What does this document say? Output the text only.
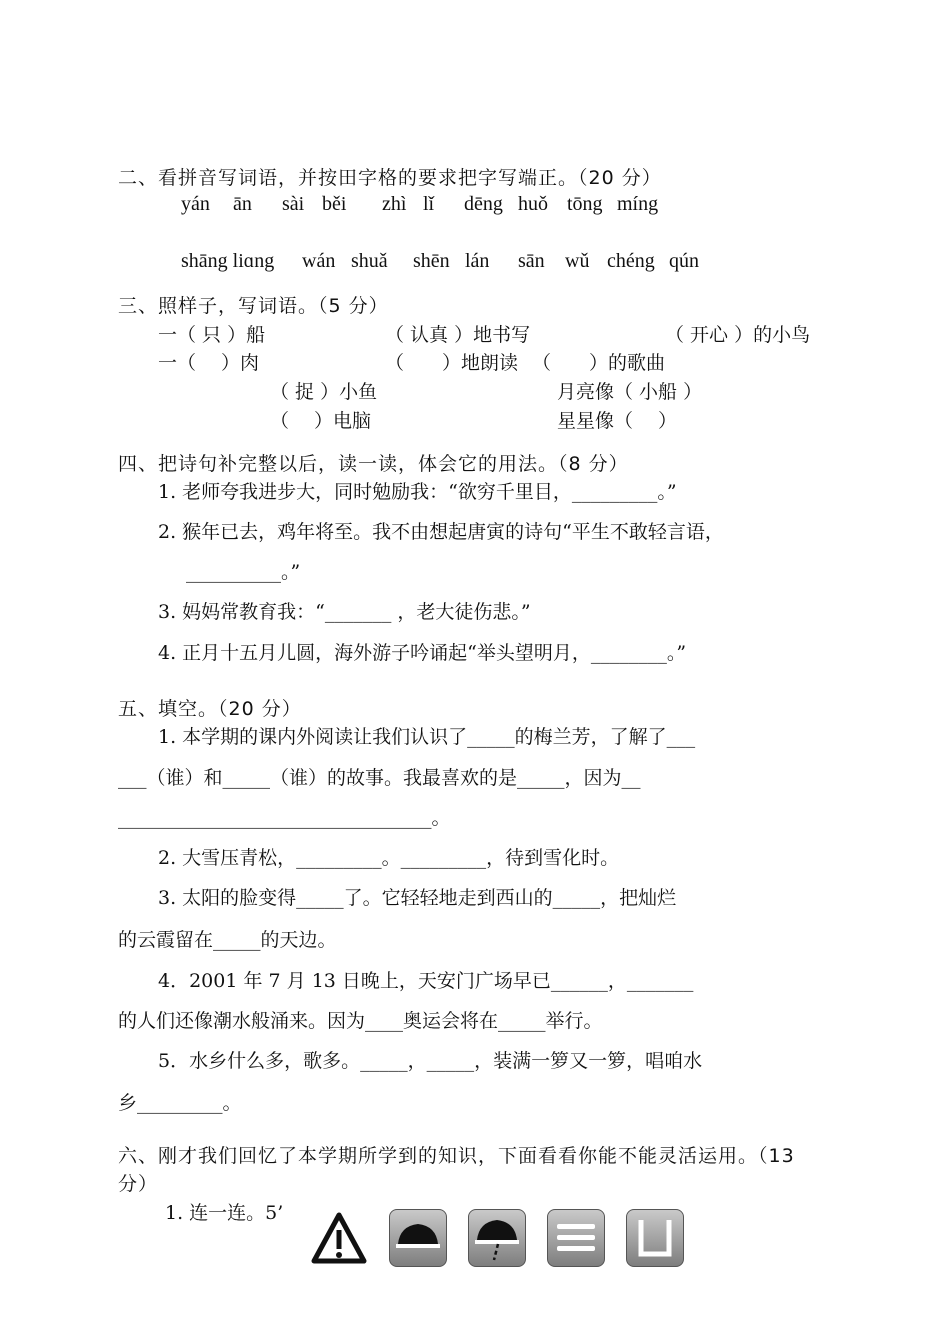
二、看拼音写词语，并按田字格的要求把字写端正。（20 分）
yán ān sài běi zhì lǐ dēng huǒ tōng míng
shāng liɑng wán shuǎ shēn lán sān wǔ chéng qún
三、照样子，写词语。（5 分）
一（ 只 ）船	（ 认真 ）地书写	（ 开心 ）的小鸟
一（　 ）肉	（　　）地朗读 （　　）的歌曲
（ 捉 ）小鱼	月亮像（ 小船 ）
（　 ）电脑	星星像（　 ）
四、把诗句补完整以后，读一读，体会它的用法。（8 分）
1. 老师夸我进步大，同时勉励我：“欲穷千里目，_________。”
2. 猴年已去，鸡年将至。我不由想起唐寅的诗句“平生不敢轻言语，
__________。”
3. 妈妈常教育我：“_______ ，老大徒伤悲。”
4. 正月十五月儿圆，海外游子吟诵起“举头望明月，________。”
五、填空。（20 分）
1. 本学期的课内外阅读让我们认识了_____的梅兰芳，了解了___
___（谁）和_____（谁）的故事。我最喜欢的是_____，因为__
_________________________________。
2. 大雪压青松，_________。_________，待到雪化时。
3. 太阳的脸变得_____了。它轻轻地走到西山的_____，把灿烂
的云霞留在_____的天边。
4．2001 年 7 月 13 日晚上，天安门广场早已______，_______
的人们还像潮水般涌来。因为____奥运会将在_____举行。
5．水乡什么多，歌多。_____，_____，装满一箩又一箩，唱咱水
乡_________。
六、刚才我们回忆了本学期所学到的知识，下面看看你能不能灵活运用。（13
分）
1. 连一连。5’
